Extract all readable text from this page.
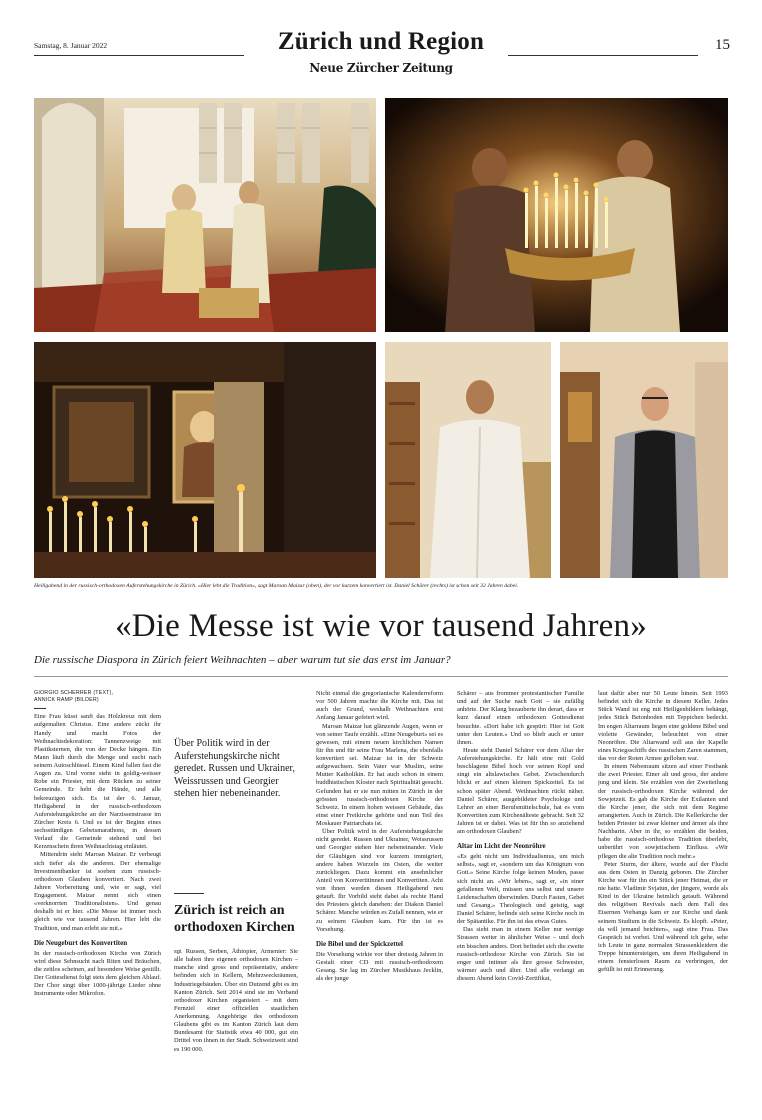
Samstag, 8. Januar 2022	Zürich und Region
Neue Zürcher Zeitung
15
Heiligabend in der russisch-orthodoxen Auferstehungskirche in Zürich. «Hier lebt die Tradition», sagt Maroan Maizar (oben), der vor kurzem konvertiert ist. Daniel Schärer (rechts) ist schon seit 32 Jahren dabei.
«Die Messe ist wie vor tausend Jahren»
Die russische Diaspora in Zürich feiert Weihnachten – aber warum tut sie das erst im Januar?
GIORGIO SCHERRER (TEXT),
ANNICK RAMP (BILDER)

Eine Frau küsst sanft das Holzkreuz mit dem aufgemalten Christus. Eine andere zückt ihr Handy und macht Fotos der Weihnachtsdekoration: Tannenzweige mit Plastiksternen, die von der Decke hängen. Ein Mann läuft durch die Menge und sucht nach seinem Autoschlüssel. Einem Kind fallen fast die Augen zu. Und vorne steht in goldig-weisser Robe ein Priester, mit dem Rücken zu seiner Gemeinde. Er hebt die Hände, und alle bekreuzigen sich. Es ist der 6. Januar, Heiligabend in der russisch-orthodoxen Auferstehungskirche an der Narzissenstrasse im Zürcher Kreis 6. Und es ist der Beginn eines sechsstündigen Gebetsmarathons, in dessen Verlauf die Gemeinde stehend und bei Kerzenschein ihren Weihnachtstag einläutet.

Mittendrin steht Maroan Maizar. Er verbeugt sich tiefer als die anderen. Der ehemalige Investmentbanker ist soeben zum russisch-orthodoxen Glauben konvertiert. Nach zwei Jahren Vorbereitung und, wie er sagt, viel Engagement. Maizar nennt sich einen «verknorrten Traditionalisten». Und genau deshalb ist er hier. «Die Messe ist immer noch gleich wie vor tausend Jahren. Hier lebt die Tradition, und man erlebt sie mit.»

Die Neugeburt des Konvertiten

In der russisch-orthodoxen Kirche von Zürich wird diese Sehnsucht nach Riten und Bräuchen, die zeitlos scheinen, auf besondere Weise gestillt. Der Gottesdienst folgt stets dem gleichen Ablauf. Der Chor singt über 1000-jährige Lieder ohne Instrumente oder Mikrofon.

Über Politik wird in der Auferstehungskirche nicht geredet. Russen und Ukrainer, Weissrussen und Georgier stehen hier nebeneinander.
Zürich ist reich an orthodoxen Kirchen
sgi. Russen, Serben, Äthiopier, Armenier: Sie alle haben ihre eigenen orthodoxen Kirchen – manche sind gross und repräsentativ, andere befinden sich in Kellern, Mehrzweckräumen, Industriegebäuden. Über ein Dutzend gibt es im Kanton Zürich. Seit 2014 sind sie im Verband orthodoxer Kirchen organisiert – mit dem Fernziel einer offiziellen staatlichen Anerkennung. Angehörige des orthodoxen Glaubens gibt es im Kanton Zürich laut dem Bundesamt für Statistik etwa 40 000, gut ein Drittel von ihnen in der Stadt. Schweizweit sind es 190 000.

Nicht einmal die gregorianische Kalenderreform vor 500 Jahren machte die Kirche mit. Das ist auch der Grund, weshalb Weihnachten erst Anfang Januar gefeiert wird.

Maroan Maizar hat glänzende Augen, wenn er von seiner Taufe erzählt. «Eine Neugeburt» sei es gewesen, mit einem neuen kirchlichen Namen für ihn und für seine Frau Marlena, die ebenfalls konvertiert sei. Maizar ist in der Schweiz aufgewachsen. Sein Vater war Muslim, seine Mutter Katholikin. Er hat auch schon in einem buddhistischen Kloster nach Spiritualität gesucht. Gefunden hat er sie nun mitten in Zürich in der grössten russisch-orthodoxen Kirche der Schweiz. In einem hohen weissen Gebäude, das einst einer Freikirche gehörte und nun Teil des Moskauer Patriarchats ist.

Über Politik wird in der Auferstehungskirche nicht geredet. Russen und Ukrainer, Weissrussen und Georgier stehen hier nebeneinander. Viele der Gläubigen sind vor kurzem immigriert, andere haben Wurzeln im Osten, die weiter zurückliegen. Dazu kommt ein ansehnlicher Anteil von Konvertitinnen und Konvertiten. Acht von ihnen werden diesen Heiligabend neu getauft. Ihr Vorbild steht dabei als rechte Hand des Priesters gleich daneben: der Diakon Daniel Schärer. Manche würden es Zufall nennen, wie er zu seinem Glauben kam. Für ihn ist es Vorsehung.

Die Bibel und der Spickzettel

Die Vorsehung wirkte vor über dreissig Jahren in Gestalt einer CD mit russisch-orthodoxem Gesang. Sie lag im Zürcher Musikhaus Jecklin, als der junge

Schärer – aus frommer protestantischer Familie und auf der Suche nach Gott – sie zufällig anhörte. Der Klang bezauberte ihn derart, dass er kurz darauf einen orthodoxen Gottesdienst besuchte. «Dort habe ich gespürt: Hier ist Gott unter den Leuten.» Und so blieb auch er unter ihnen.

Heute steht Daniel Schärer vor dem Altar der Auferstehungskirche. Er hält eine mit Gold beschlagene Bibel hoch vor seinen Kopf und singt ein altslawisches Gebet. Zwischendurch blickt er auf einen kleinen Spickzettel. Es ist schon später Abend. Weihnachten rückt näher. Daniel Schärer, ausgebildeter Psychologe und Lehrer an einer Berufsmittelschule, hat es vom Konvertiten zum Kirchenälteste gebracht. Seit 32 Jahren ist er dabei. Was ist für ihn so anziehend am orthodoxen Glauben?

Altar im Licht der Neonröhre

«Es geht nicht um Individualismus, um mich selbst», sagt er, «sondern um das Königtum von Gott.» Seine Kirche folge keinen Moden, passe sich nicht an. «Wir leben», sagt er, «in einer gefallenen Welt, müssen uns selbst und unsere Leidenschaften überwinden. Durch Fasten, Gebet und Gesang.» Theologisch und geistig, sagt Daniel Schärer, befinde sich seine Kirche noch in der Spätantike. Für ihn ist das etwas Gutes.

Das sieht man in einem Keller nur wenige Strassen weiter in ähnlicher Weise – und doch ein bisschen anders. Dort befindet sich die zweite russisch-orthodoxe Kirche von Zürich. Sie ist enger und intimer als ihre grosse Schwester, wärmer auch und älter. Und alle verlangt an diesem Abend kein Covid-Zertifikat,

laut dafür aber nur 50 Leute hinein. Seit 1993 befindet sich die Kirche in diesem Keller. Jedes Stück Wand ist eng mit Heiligenbildern behängt, jedes Stück Betonboden mit Teppichen bedeckt. Im engen Altarraum liegen eine goldene Bibel und violette Gewänder, beleuchtet von einer Neonröhre. Die Altarwand soll aus der Kapelle eines Kriegsschiffs des russischen Zaren stammen, das vor der Roten Armee geflohen war.

In einem Nebenraum sitzen auf einer Festbank die zwei Priester. Einer alt und gross, der andere jung und klein. Sie erzählen von der Zweiteilung der russisch-orthodoxen Kirche während der Sowjetzeit. Es gab die Kirche der Exilanten und die Kirche jener, die sich mit dem Regime arrangierten. Auch in Zürich. Die Kellerkirche der beiden Priester ist zwar kleiner und ärmer als ihre Nachbarin. Aber in ihr, so erzählen die beiden, habe die russisch-orthodoxe Tradition überlebt, unberührt von sowjetischem Einfluss. «Wir pflegen die alte Tradition noch mehr.»

Peter Sturm, der ältere, wurde auf der Flucht aus dem Osten in Danzig geboren. Die Zürcher Kirche war für ihn ein Stück jener Heimat, die er nie hatte. Vladimir Svjatun, der jüngere, wurde als Kind in der Ukraine heimlich getauft. Während des religiösen Revivals nach dem Fall des Eisernen Vorhangs kam er zur Kirche und dank seinem Studium in die Schweiz. Es klopft. «Peter, da will jemand beichten», sagt eine Frau. Das Gespräch ist vorbei. Und während ich gehe, sehe ich Leute in ganz normalen Strassenkleidern die Treppe hinuntersteigen, um ihren Heiligabend in einem fensterlosen Raum zu verbringen, der gefüllt ist mit Erinnerung.
